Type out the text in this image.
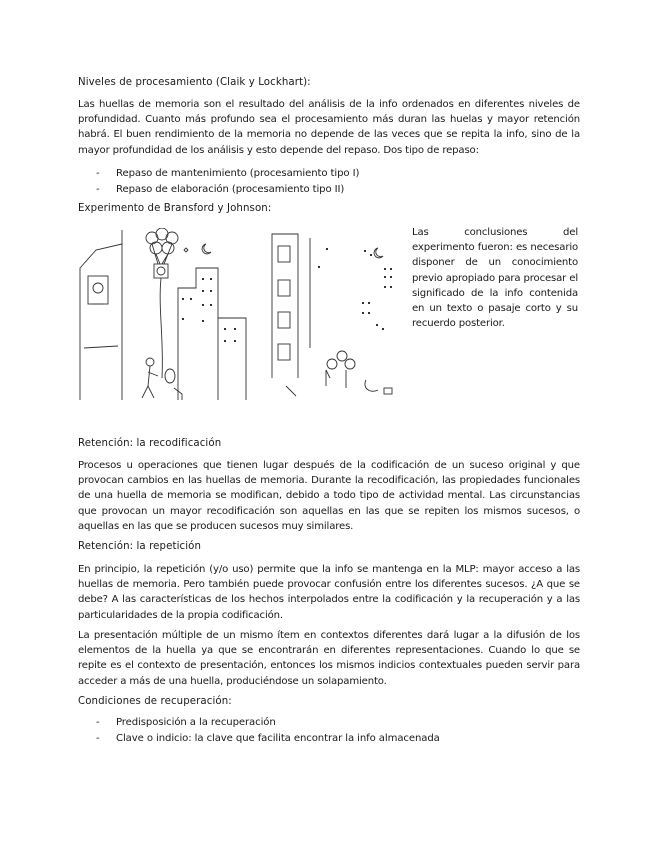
Niveles de procesamiento (Claik y Lockhart):
Las huellas de memoria son el resultado del análisis de la info ordenados en diferentes niveles de profundidad. Cuanto más profundo sea el procesamiento más duran las huelas y mayor retención habrá. El buen rendimiento de la memoria no depende de las veces que se repita la info, sino de la mayor profundidad de los análisis y esto depende del repaso. Dos tipo de repaso:
- Repaso de mantenimiento (procesamiento tipo I)
- Repaso de elaboración (procesamiento tipo II)
Experimento de Bransford y Johnson:
Las conclusiones del experimento fueron: es necesario disponer de un conocimiento previo apropiado para procesar el significado de la info contenida en un texto o pasaje corto y su recuerdo posterior.
Retención: la recodificación
Procesos u operaciones que tienen lugar después de la codificación de un suceso original y que provocan cambios en las huellas de memoria. Durante la recodificación, las propiedades funcionales de una huella de memoria se modifican, debido a todo tipo de actividad mental. Las circunstancias que provocan un mayor recodificación son aquellas en las que se repiten los mismos sucesos, o aquellas en las que se producen sucesos muy similares.
Retención: la repetición
En principio, la repetición (y/o uso) permite que la info se mantenga en la MLP: mayor acceso a las huellas de memoria. Pero también puede provocar confusión entre los diferentes sucesos. ¿A que se debe? A las características de los hechos interpolados entre la codificación y la recuperación y a las particularidades de la propia codificación.
La presentación múltiple de un mismo ítem en contextos diferentes dará lugar a la difusión de los elementos de la huella ya que se encontrarán en diferentes representaciones. Cuando lo que se repite es el contexto de presentación, entonces los mismos indicios contextuales pueden servir para acceder a más de una huella, produciéndose un solapamiento.
Condiciones de recuperación:
- Predisposición a la recuperación
- Clave o indicio: la clave que facilita encontrar la info almacenada
